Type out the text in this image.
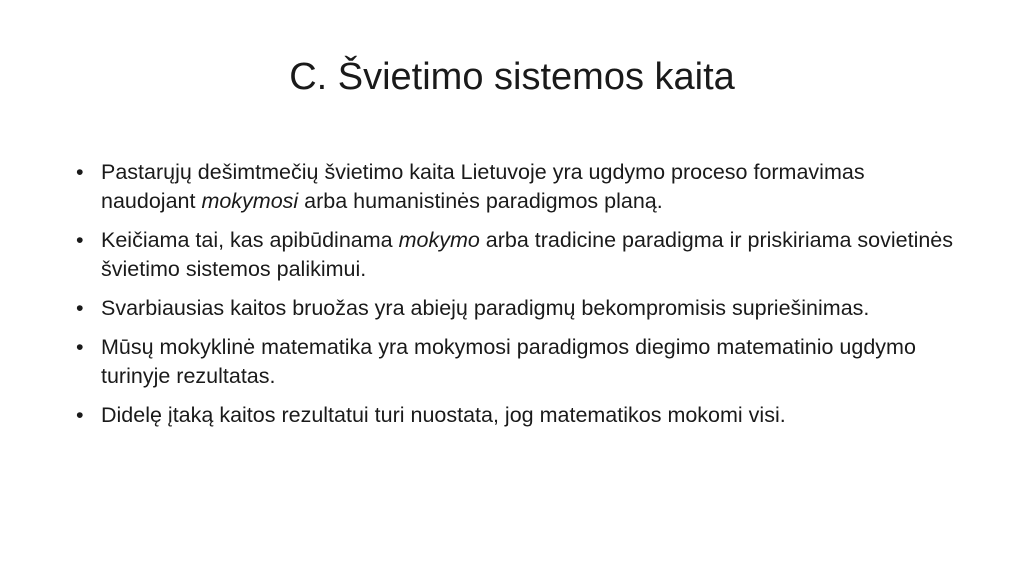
C. Švietimo sistemos kaita
• Pastarųjų dešimtmečių švietimo kaita Lietuvoje yra ugdymo proceso formavimas naudojant mokymosi arba humanistinės paradigmos planą.
• Keičiama tai, kas apibūdinama mokymo arba tradicine paradigma ir priskiriama sovietinės švietimo sistemos palikimui.
• Svarbiausias kaitos bruožas yra abiejų paradigmų bekompromisis supriešinimas.
• Mūsų mokyklinė matematika yra mokymosi paradigmos diegimo matematinio ugdymo turinyje rezultatas.
• Didelę įtaką kaitos rezultatui turi nuostata, jog matematikos mokomi visi.
